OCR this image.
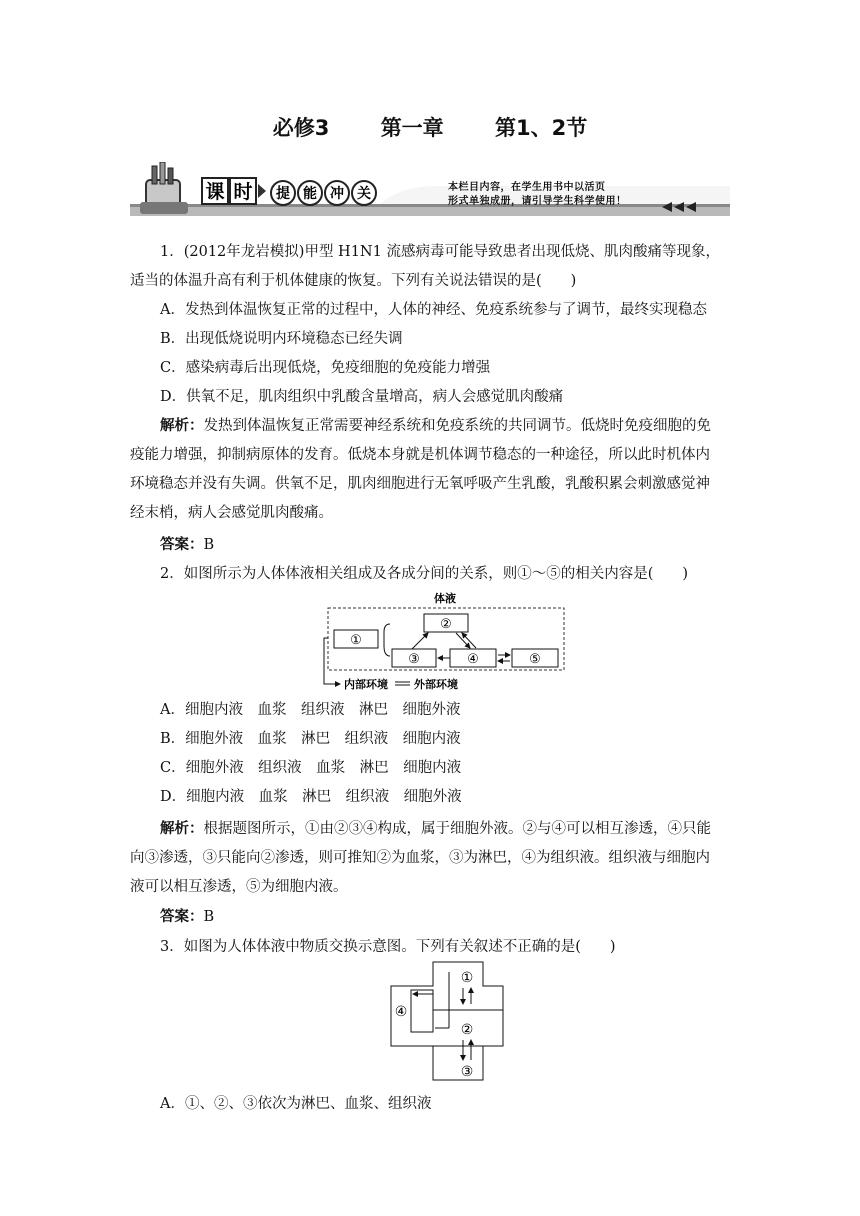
必修3 第一章 第1、2节
课 时 提 能 冲 关	本栏目内容，在学生用书中以活页
形式单独成册，请引导学生科学使用！
1．(2012年龙岩模拟)甲型 H1N1 流感病毒可能导致患者出现低烧、肌肉酸痛等现象，
适当的体温升高有利于机体健康的恢复。下列有关说法错误的是(　　)
A．发热到体温恢复正常的过程中，人体的神经、免疫系统参与了调节，最终实现稳态
B．出现低烧说明内环境稳态已经失调
C．感染病毒后出现低烧，免疫细胞的免疫能力增强
D．供氧不足，肌肉组织中乳酸含量增高，病人会感觉肌肉酸痛
解析：发热到体温恢复正常需要神经系统和免疫系统的共同调节。低烧时免疫细胞的免
疫能力增强，抑制病原体的发育。低烧本身就是机体调节稳态的一种途径，所以此时机体内
环境稳态并没有失调。供氧不足，肌肉细胞进行无氧呼吸产生乳酸，乳酸积累会刺激感觉神
经末梢，病人会感觉肌肉酸痛。
答案：B
2．如图所示为人体体液相关组成及各成分间的关系，则①～⑤的相关内容是(　　)
体液
①
②
③	④	⑤
内部环境 外部环境
A．细胞内液　血浆　组织液　淋巴　细胞外液
B．细胞外液　血浆　淋巴　组织液　细胞内液
C．细胞外液　组织液　血浆　淋巴　细胞内液
D．细胞内液　血浆　淋巴　组织液　细胞外液
解析：根据题图所示，①由②③④构成，属于细胞外液。②与④可以相互渗透，④只能
向③渗透，③只能向②渗透，则可推知②为血浆，③为淋巴，④为组织液。组织液与细胞内
液可以相互渗透，⑤为细胞内液。
答案：B
3．如图为人体体液中物质交换示意图。下列有关叙述不正确的是(　　)
④
①
②
③
A．①、②、③依次为淋巴、血浆、组织液
